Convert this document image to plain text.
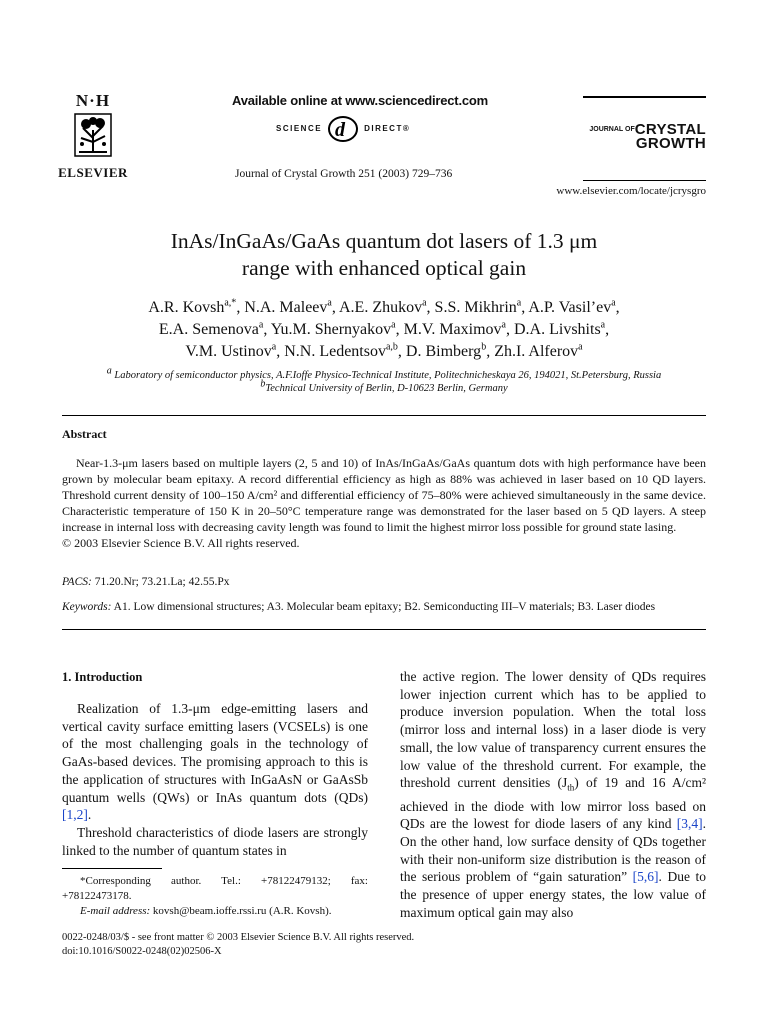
N·H
ELSEVIER
Available online at www.sciencedirect.com
SCIENCE d DIRECT®
Journal of Crystal Growth 251 (2003) 729–736
$^{JOURNAL OF}$CRYSTAL
GROWTH
www.elsevier.com/locate/jcrysgro
InAs/InGaAs/GaAs quantum dot lasers of 1.3 μm
range with enhanced optical gain
A.R. Kovsh$^{a,*}$, N.A. Maleev$^a$, A.E. Zhukov$^a$, S.S. Mikhrin$^a$, A.P. $Vasil’ev^a$,
E.A. Semenova$^a$, Yu.M. Shernyakov$^a$, M.V. Maximov$^a$, D.A. Livshits$^a$,
V.M. Ustinov$^a$, N.N. Ledentsov$^{a,b}$, D. Bimberg$^b$, Zh.I. Alferov$^a$
$^a$ Laboratory of semiconductor physics, A.F.Ioffe Physico-Technical Institute, Politechnicheskaya 26, 194021, St.Petersburg, Russia
$^b$Technical University of Berlin, D-10623 Berlin, Germany
Abstract

Near-1.3-μm lasers based on multiple layers (2, 5 and 10) of InAs/InGaAs/GaAs quantum dots with high performance have been grown by molecular beam epitaxy. A record differential efficiency as high as 88% was achieved in laser based on 10 QD layers. Threshold current density of 100–150 A/cm² and differential efficiency of 75–80% were achieved simultaneously in the same device. Characteristic temperature of 150 K in 20–50°C temperature range was demonstrated for the laser based on 5 QD layers. A steep increase in internal loss with decreasing cavity length was found to limit the highest mirror loss possible for ground state lasing.

© 2003 Elsevier Science B.V. All rights reserved.

PACS: 71.20.Nr; 73.21.La; 42.55.Px
Keywords: A1. Low dimensional structures; A3. Molecular beam epitaxy; B2. Semiconducting III–V materials; B3. Laser diodes
1. Introduction

Realization of 1.3-μm edge-emitting lasers and vertical cavity surface emitting lasers (VCSELs) is one of the most challenging goals in the technology of GaAs-based devices. The promising approach to this is the application of structures with InGaAsN or GaAsSb quantum wells (QWs) or InAs quantum dots (QDs) [1,2].

Threshold characteristics of diode lasers are strongly linked to the number of quantum states in

the active region. The lower density of QDs requires lower injection current which has to be applied to produce inversion population. When the total loss (mirror loss and internal loss) in a laser diode is very small, the low value of transparency current ensures the low value of the threshold current. For example, the threshold current densities $(J_{th})$ of 19 and 16 A/cm² achieved in the diode with low mirror loss based on QDs are the lowest for diode lasers of any kind [3,4]. On the other hand, low surface density of QDs together with their non-uniform size distribution is the reason of the serious problem of “gain saturation” [5,6]. Due to the presence of upper energy states, the low value of maximum optical gain may also

*Corresponding author. Tel.: +78122479132; fax: +78122473178.

E-mail address: kovsh@beam.ioffe.rssi.ru (A.R. Kovsh).

0022-0248/03/$ - see front matter © 2003 Elsevier Science B.V. All rights reserved.
doi:10.1016/S0022-0248(02)02506-X
